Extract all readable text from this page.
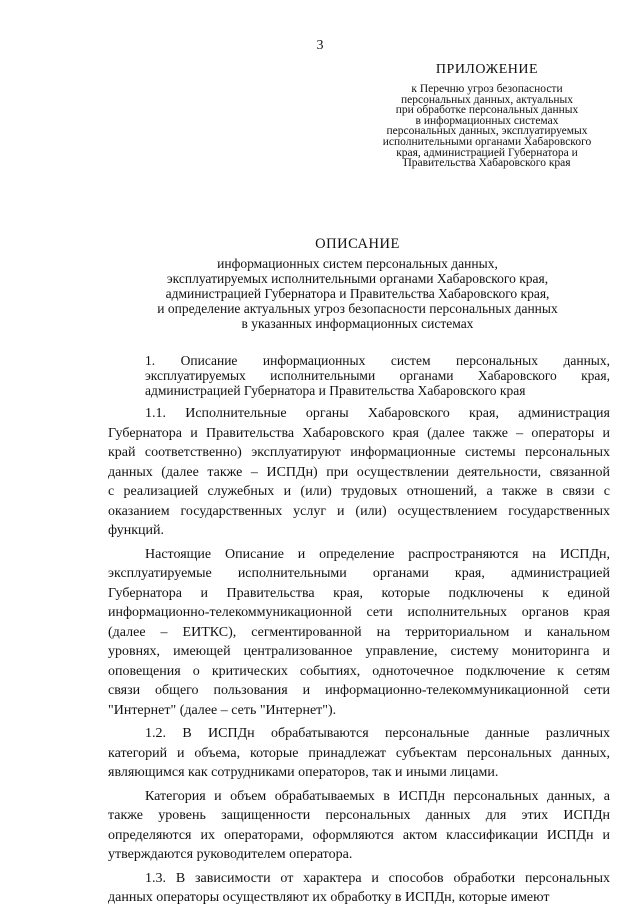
3
ПРИЛОЖЕНИЕ
к Перечню угроз безопасности
персональных данных, актуальных
при обработке персональных данных
в информационных системах
персональных данных, эксплуатируемых
исполнительными органами Хабаровского
края, администрацией Губернатора и
Правительства Хабаровского края
ОПИСАНИЕ
информационных систем персональных данных,
эксплуатируемых исполнительными органами Хабаровского края,
администрацией Губернатора и Правительства Хабаровского края,
и определение актуальных угроз безопасности персональных данных
в указанных информационных системах
1. Описание информационных систем персональных данных,
эксплуатируемых исполнительными органами Хабаровского края,
администрацией Губернатора и Правительства Хабаровского края
1.1. Исполнительные органы Хабаровского края, администрация
Губернатора и Правительства Хабаровского края (далее также – операторы и
край соответственно) эксплуатируют информационные системы персональных
данных (далее также – ИСПДн) при осуществлении деятельности, связанной
с реализацией служебных и (или) трудовых отношений, а также в связи с
оказанием государственных услуг и (или) осуществлением государственных
функций.
Настоящие Описание и определение распространяются на ИСПДн,
эксплуатируемые исполнительными органами края, администрацией
Губернатора и Правительства края, которые подключены к единой
информационно-телекоммуникационной сети исполнительных органов края
(далее – ЕИТКС), сегментированной на территориальном и канальном
уровнях, имеющей централизованное управление, систему мониторинга и
оповещения о критических событиях, одноточечное подключение к сетям
связи общего пользования и информационно-телекоммуникационной сети
"Интернет" (далее – сеть "Интернет").
1.2. В ИСПДн обрабатываются персональные данные различных
категорий и объема, которые принадлежат субъектам персональных данных,
являющимся как сотрудниками операторов, так и иными лицами.
Категория и объем обрабатываемых в ИСПДн персональных данных, а
также уровень защищенности персональных данных для этих ИСПДн
определяются их операторами, оформляются актом классификации ИСПДн и
утверждаются руководителем оператора.
1.3. В зависимости от характера и способов обработки персональных
данных операторы осуществляют их обработку в ИСПДн, которые имеют
